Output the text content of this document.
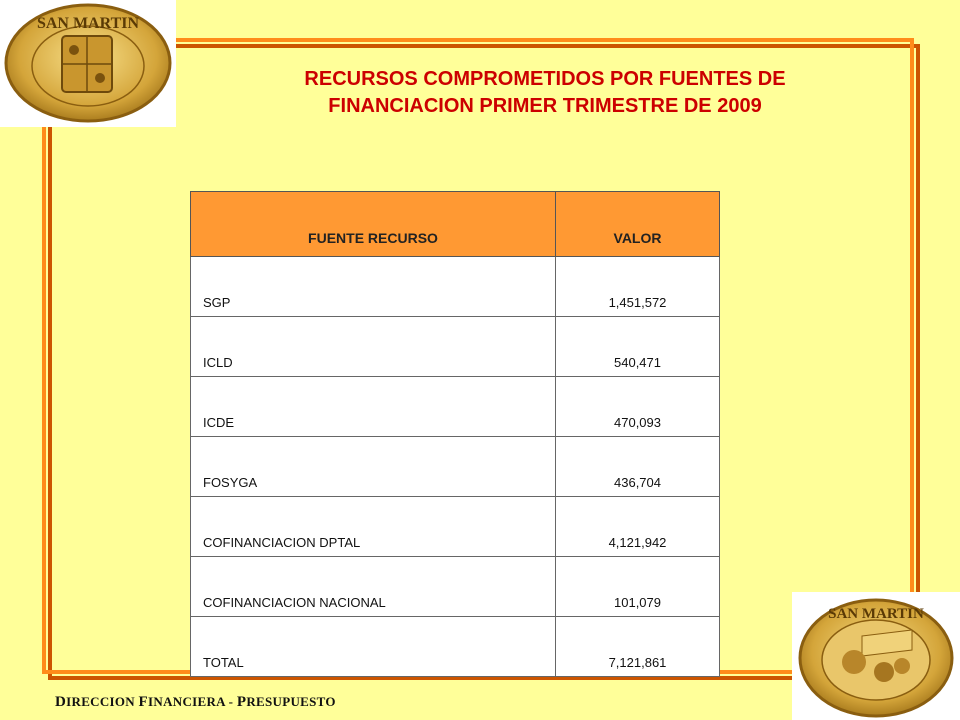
SAN MARTIN
RECURSOS COMPROMETIDOS POR FUENTES DE
FINANCIACION PRIMER TRIMESTRE DE 2009
FUENTE RECURSO	VALOR
SGP	1,451,572
ICLD	540,471
ICDE	470,093
FOSYGA	436,704
COFINANCIACION DPTAL	4,121,942
COFINANCIACION NACIONAL	101,079
TOTAL	7,121,861
DIRECCION FINANCIERA - PRESUPUESTO
SAN MARTIN
